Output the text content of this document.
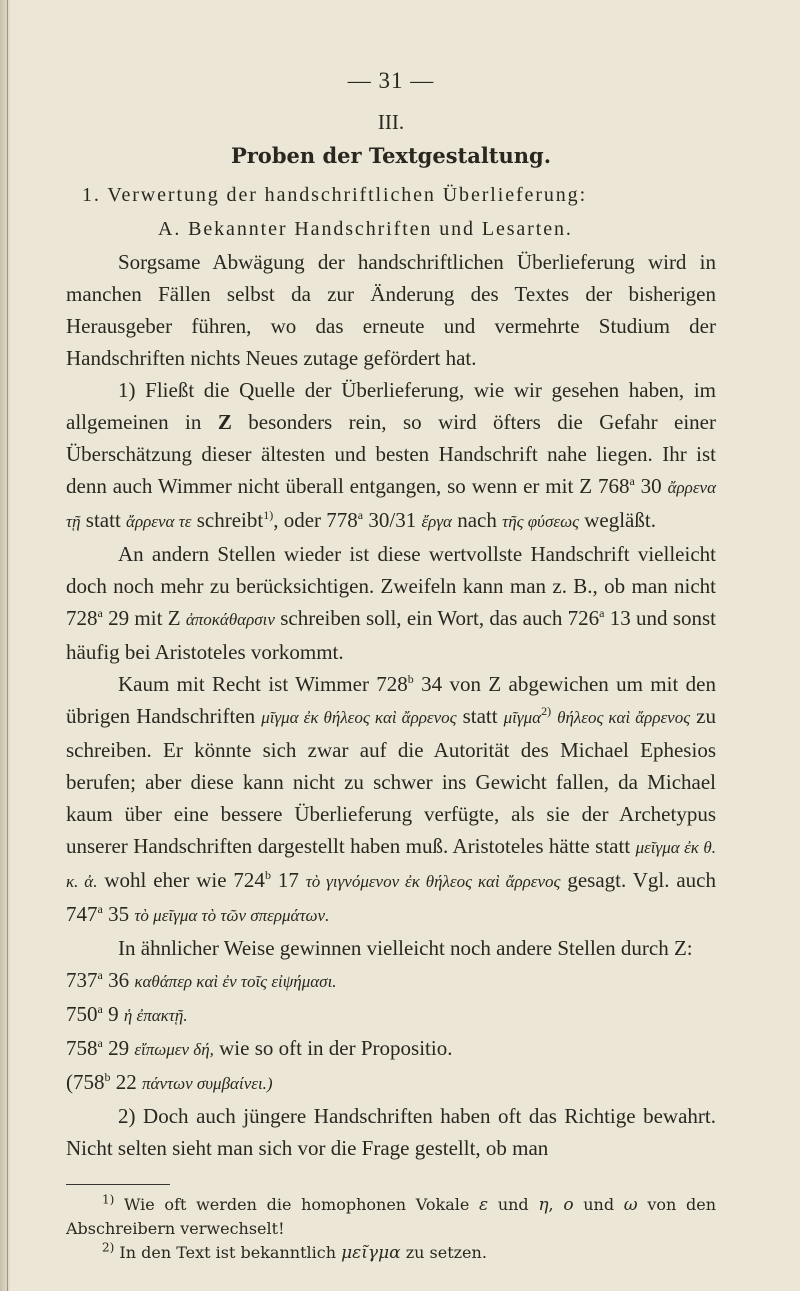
— 31 —
III.
Proben der Textgestaltung.
1. Verwertung der handschriftlichen Überlieferung:
A. Bekannter Handschriften und Lesarten.

Sorgsame Abwägung der handschriftlichen Überlieferung wird in manchen Fällen selbst da zur Änderung des Textes der bisherigen Herausgeber führen, wo das erneute und vermehrte Studium der Handschriften nichts Neues zutage gefördert hat.

1) Fließt die Quelle der Überlieferung, wie wir gesehen haben, im allgemeinen in Z besonders rein, so wird öfters die Gefahr einer Überschätzung dieser ältesten und besten Handschrift nahe liegen. Ihr ist denn auch Wimmer nicht überall entgangen, so wenn er mit Z 768$^a$ 30 ἄρρενα τῇ statt ἄρρενα τε schreibt$^{1)}$, oder 778$^a$ 30/31 ἔργα nach τῆς φύσεως wegläßt.

An andern Stellen wieder ist diese wertvollste Handschrift vielleicht doch noch mehr zu berücksichtigen. Zweifeln kann man z. B., ob man nicht 728$^a$ 29 mit Z ἀποκάθαρσιν schreiben soll, ein Wort, das auch 726$^a$ 13 und sonst häufig bei Aristoteles vorkommt.

Kaum mit Recht ist Wimmer 728$^b$ 34 von Z abgewichen um mit den übrigen Handschriften μῖγμα ἐκ θήλεος καὶ ἄρρενος statt μῖγμα$^{2)}$ θήλεος καὶ ἄρρενος zu schreiben. Er könnte sich zwar auf die Autorität des Michael Ephesios berufen; aber diese kann nicht zu schwer ins Gewicht fallen, da Michael kaum über eine bessere Überlieferung verfügte, als sie der Archetypus unserer Handschriften dargestellt haben muß. Aristoteles hätte statt μεῖγμα ἐκ θ. κ. ἀ. wohl eher wie 724$^b$ 17 τὸ γιγνόμενον ἐκ θήλεος καὶ ἄρρενος gesagt. Vgl. auch 747$^a$ 35 τὸ μεῖγμα τὸ τῶν σπερμάτων.

In ähnlicher Weise gewinnen vielleicht noch andere Stellen durch Z:

737$^a$ 36 καθάπερ καὶ ἐν τοῖς εἰψήμασι.
750$^a$ 9 ἡ ἐπακτῇ.
758$^a$ 29 εἴπωμεν δή, wie so oft in der Propositio.
(758$^b$ 22 πάντων συμβαίνει.)

2) Doch auch jüngere Handschriften haben oft das Richtige bewahrt. Nicht selten sieht man sich vor die Frage gestellt, ob man

$^{1)}$ Wie oft werden die homophonen Vokale ε und η, ο und ω von den Abschreibern verwechselt!
$^{2)}$ In den Text ist bekanntlich μεῖγμα zu setzen.
